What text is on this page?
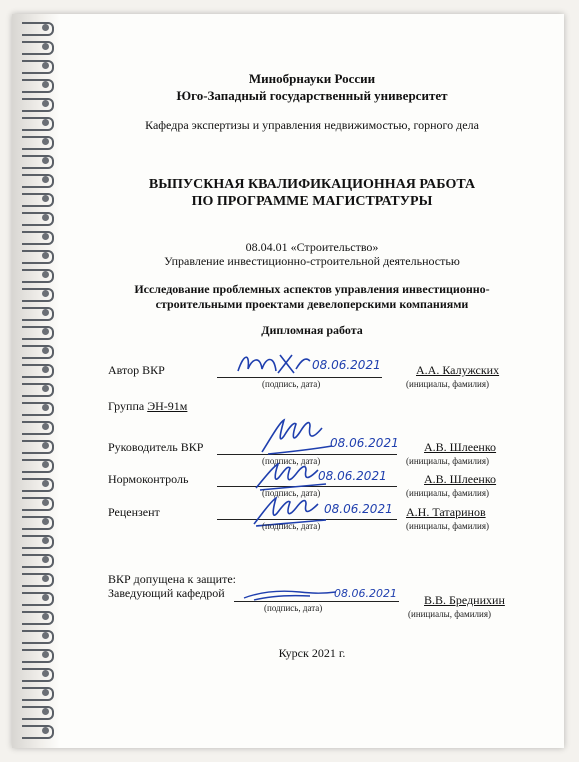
Минобрнауки России
Юго-Западный государственный университет
Кафедра экспертизы и управления недвижимостью, горного дела
ВЫПУСКНАЯ КВАЛИФИКАЦИОННАЯ РАБОТА
ПО ПРОГРАММЕ МАГИСТРАТУРЫ
08.04.01 «Строительство»
Управление инвестиционно-строительной деятельностью
Исследование проблемных аспектов управления инвестиционно-
строительными проектами девелоперскими компаниями
Дипломная работа
Автор ВКР	08.06.2021
(подпись, дата)
А.А. Калужских
(инициалы, фамилия)
Группа ЭН-91м
Руководитель ВКР	08.06.2021
(подпись, дата)
А.В. Шлеенко
(инициалы, фамилия)
Нормоконтроль	08.06.2021
(подпись, дата)
А.В. Шлеенко
(инициалы, фамилия)
Рецензент	08.06.2021
(подпись, дата)
А.Н. Татаринов
(инициалы, фамилия)
ВКР допущена к защите:
Заведующий кафедрой	08.06.2021
(подпись, дата)
В.В. Бреднихин
(инициалы, фамилия)
Курск 2021 г.
